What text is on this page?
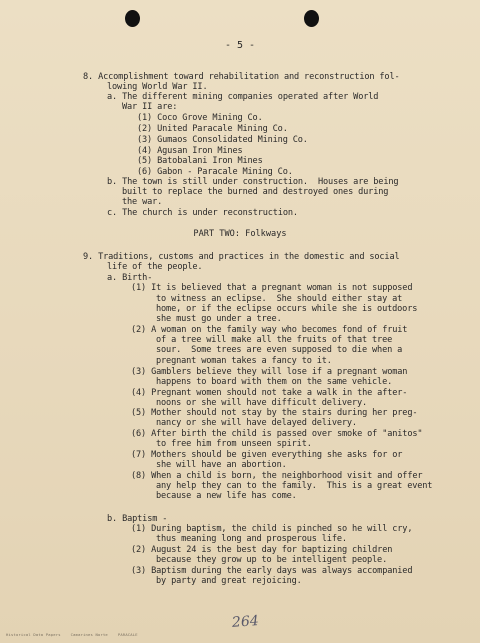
- 5 -
8. Accomplishment toward rehabilitation and reconstruction fol-
lowing World War II.
a. The different mining companies operated after World
War II are:
(1) Coco Grove Mining Co.
(2) United Paracale Mining Co.
(3) Gumaos Consolidated Mining Co.
(4) Agusan Iron Mines
(5) Batobalani Iron Mines
(6) Gabon - Paracale Mining Co.
b. The town is still under construction.  Houses are being
built to replace the burned and destroyed ones during
the war.
c. The church is under reconstruction.
PART TWO: Folkways
9. Traditions, customs and practices in the domestic and social
life of the people.
a. Birth-
(1) It is believed that a pregnant woman is not supposed
to witness an eclipse.  She should either stay at
home, or if the eclipse occurs while she is outdoors
she must go under a tree.
(2) A woman on the family way who becomes fond of fruit
of a tree will make all the fruits of that tree
sour.  Some trees are even supposed to die when a
pregnant woman takes a fancy to it.
(3) Gamblers believe they will lose if a pregnant woman
happens to board with them on the same vehicle.
(4) Pregnant women should not take a walk in the after-
noons or she will have difficult delivery.
(5) Mother should not stay by the stairs during her preg-
nancy or she will have delayed delivery.
(6) After birth the child is passed over smoke of "anitos"
to free him from unseen spirit.
(7) Mothers should be given everything she asks for or
she will have an abortion.
(8) When a child is born, the neighborhood visit and offer
any help they can to the family.  This is a great event
because a new life has come.
b. Baptism -
(1) During baptism, the child is pinched so he will cry,
thus meaning long and prosperous life.
(2) August 24 is the best day for baptizing children
because they grow up to be intelligent people.
(3) Baptism during the early days was always accompanied
by party and great rejoicing.
264
Historical Data Papers    Camarines Norte    PARACALE
